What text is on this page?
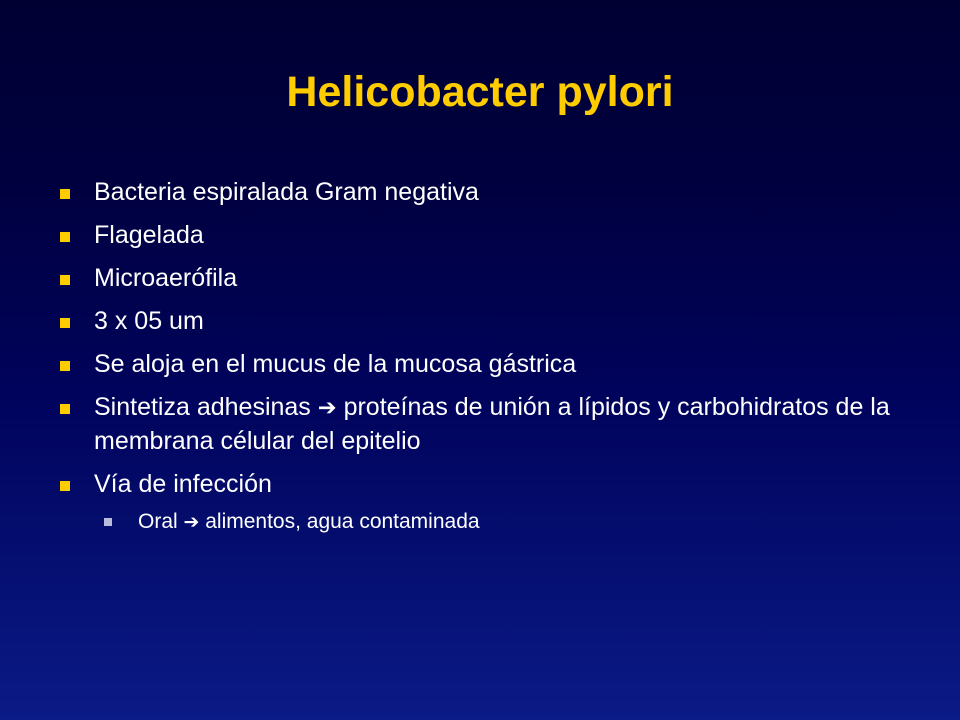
Helicobacter pylori
Bacteria espiralada Gram negativa
Flagelada
Microaerófila
3 x 05 um
Se aloja en el mucus de la mucosa gástrica
Sintetiza adhesinas ➔ proteínas de unión a lípidos y carbohidratos de la membrana célular del epitelio
Vía de infección
Oral ➔ alimentos, agua contaminada
